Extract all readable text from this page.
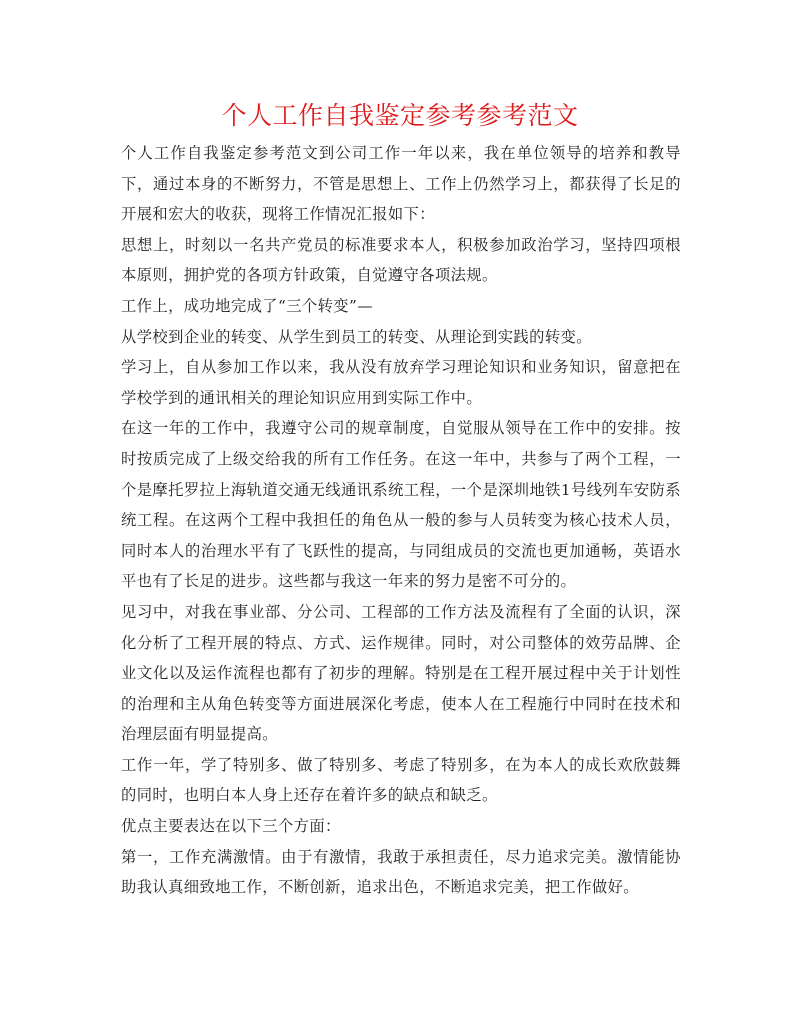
个人工作自我鉴定参考参考范文

个人工作自我鉴定参考范文到公司工作一年以来，我在单位领导的培养和教导下，通过本身的不断努力，不管是思想上、工作上仍然学习上，都获得了长足的开展和宏大的收获，现将工作情况汇报如下：

思想上，时刻以一名共产党员的标准要求本人，积极参加政治学习，坚持四项根本原则，拥护党的各项方针政策，自觉遵守各项法规。

工作上，成功地完成了“三个转变”—

从学校到企业的转变、从学生到员工的转变、从理论到实践的转变。

学习上，自从参加工作以来，我从没有放弃学习理论知识和业务知识，留意把在学校学到的通讯相关的理论知识应用到实际工作中。

在这一年的工作中，我遵守公司的规章制度，自觉服从领导在工作中的安排。按时按质完成了上级交给我的所有工作任务。在这一年中，共参与了两个工程，一个是摩托罗拉上海轨道交通无线通讯系统工程，一个是深圳地铁1号线列车安防系统工程。在这两个工程中我担任的角色从一般的参与人员转变为核心技术人员，同时本人的治理水平有了飞跃性的提高，与同组成员的交流也更加通畅，英语水平也有了长足的进步。这些都与我这一年来的努力是密不可分的。

见习中，对我在事业部、分公司、工程部的工作方法及流程有了全面的认识，深化分析了工程开展的特点、方式、运作规律。同时，对公司整体的效劳品牌、企业文化以及运作流程也都有了初步的理解。特别是在工程开展过程中关于计划性的治理和主从角色转变等方面进展深化考虑，使本人在工程施行中同时在技术和治理层面有明显提高。

工作一年，学了特别多、做了特别多、考虑了特别多，在为本人的成长欢欣鼓舞的同时，也明白本人身上还存在着许多的缺点和缺乏。

优点主要表达在以下三个方面：

第一，工作充满激情。由于有激情，我敢于承担责任，尽力追求完美。激情能协助我认真细致地工作，不断创新，追求出色，不断追求完美，把工作做好。
